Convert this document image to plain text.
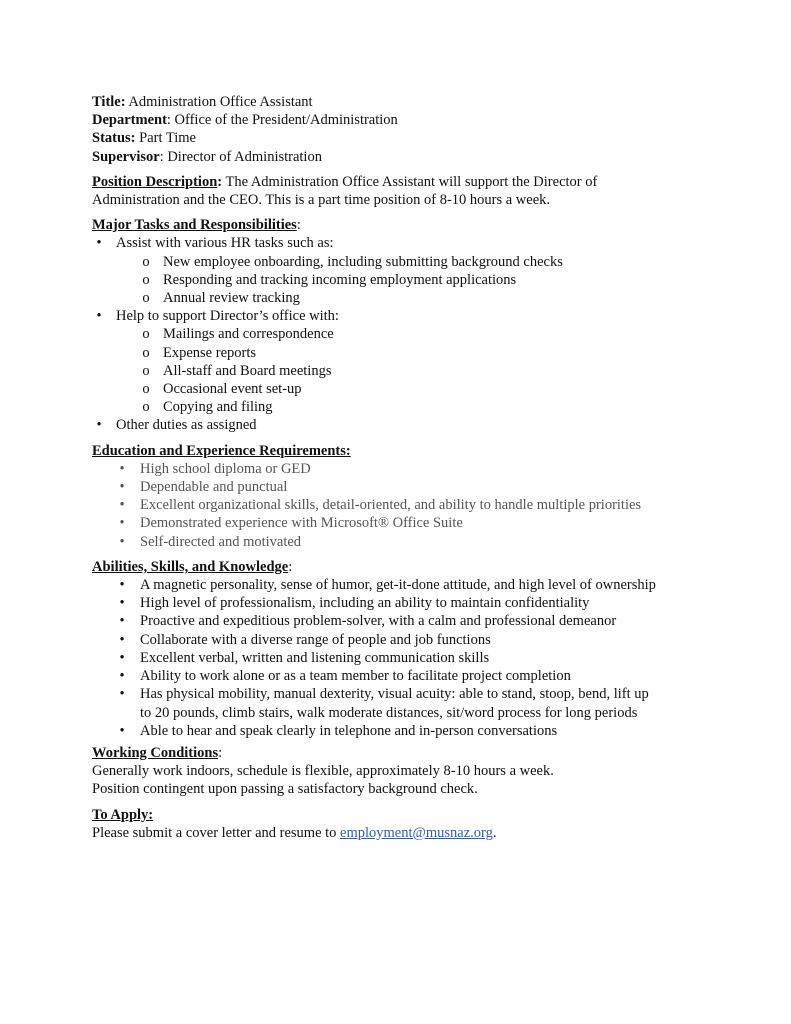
Title: Administration Office Assistant
Department: Office of the President/Administration
Status: Part Time
Supervisor: Director of Administration
Position Description: The Administration Office Assistant will support the Director of
Administration and the CEO. This is a part time position of 8-10 hours a week.
Major Tasks and Responsibilities:
• Assist with various HR tasks such as:
o New employee onboarding, including submitting background checks
o Responding and tracking incoming employment applications
o Annual review tracking
• Help to support Director’s office with:
o Mailings and correspondence
o Expense reports
o All-staff and Board meetings
o Occasional event set-up
o Copying and filing
• Other duties as assigned
Education and Experience Requirements:
•	High school diploma or GED
•	Dependable and punctual
•	Excellent organizational skills, detail-oriented, and ability to handle multiple priorities
•	Demonstrated experience with Microsoft® Office Suite
•	Self-directed and motivated
Abilities, Skills, and Knowledge:
•	A magnetic personality, sense of humor, get-it-done attitude, and high level of ownership
•	High level of professionalism, including an ability to maintain confidentiality
•	Proactive and expeditious problem-solver, with a calm and professional demeanor
•	Collaborate with a diverse range of people and job functions
•	Excellent verbal, written and listening communication skills
•	Ability to work alone or as a team member to facilitate project completion
•	Has physical mobility, manual dexterity, visual acuity: able to stand, stoop, bend, lift up
to 20 pounds, climb stairs, walk moderate distances, sit/word process for long periods
•	Able to hear and speak clearly in telephone and in-person conversations
Working Conditions:
Generally work indoors, schedule is flexible, approximately 8-10 hours a week.
Position contingent upon passing a satisfactory background check.
To Apply:
Please submit a cover letter and resume to employment@musnaz.org.
